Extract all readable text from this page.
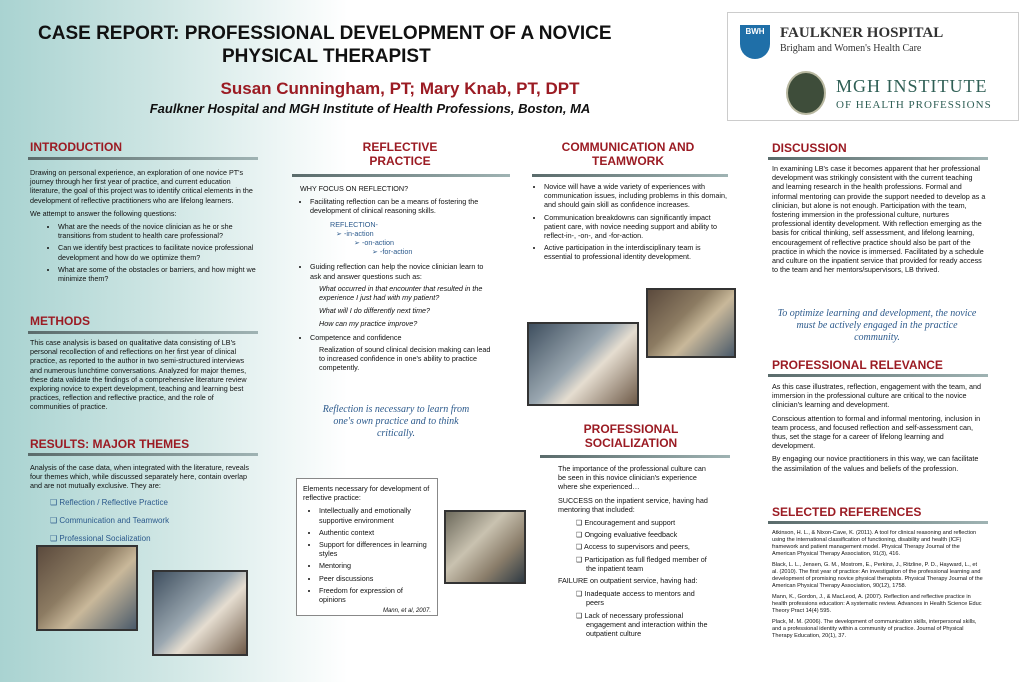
CASE REPORT: PROFESSIONAL DEVELOPMENT OF A NOVICE
PHYSICAL THERAPIST
Susan Cunningham, PT; Mary Knab, PT, DPT
Faulkner Hospital and MGH Institute of Health Professions, Boston, MA
BWH	FAULKNER HOSPITAL
Brigham and Women's Health Care
MGH INSTITUTE
OF HEALTH PROFESSIONS
INTRODUCTION

Drawing on personal experience, an exploration of one novice PT's journey through her first year of practice, and current education literature, the goal of this project was to identify critical elements in the development of reflective practitioners who are lifelong learners.

We attempt to answer the following questions:

• What are the needs of the novice clinician as he or she transitions from student to health care professional?
• Can we identify best practices to facilitate novice professional development and how do we optimize them?
• What are some of the obstacles or barriers, and how might we minimize them?
METHODS
This case analysis is based on qualitative data consisting of LB's personal recollection of and reflections on her first year of clinical practice, as reported to the author in two semi-structured interviews and numerous lunchtime conversations. Analyzed for major themes, these data validate the findings of a comprehensive literature review exploring novice to expert development, teaching and learning best practices, reflection and reflective practice, and the role of communities of practice.
RESULTS: MAJOR THEMES

Analysis of the case data, when integrated with the literature, reveals four themes which, while discussed separately here, contain overlap and are not mutually exclusive. They are:

❑ Reflection / Reflective Practice
❑ Communication and Teamwork
❑ Professional Socialization
REFLECTIVE
PRACTICE

WHY FOCUS ON REFLECTION?

• Facilitating reflection can be a means of fostering the development of clinical reasoning skills.
REFLECTION-
➢ -in-action
➢ -on-action
➢ -for-action
• Guiding reflection can help the novice clinician learn to ask and answer questions such as:

What occurred in that encounter that resulted in the experience I just had with my patient?

What will I do differently next time?

How can my practice improve?

• Competence and confidence

Realization of sound clinical decision making can lead to increased confidence in one's ability to practice competently.

Reflection is necessary to learn from one's own practice and to think critically.

Elements necessary for development of reflective practice:

• Intellectually and emotionally supportive environment
• Authentic context
• Support for differences in learning styles
• Mentoring
• Peer discussions
• Freedom for expression of opinions
Mann, et al, 2007.
COMMUNICATION AND
TEAMWORK
• Novice will have a wide variety of experiences with communication issues, including problems in this domain, and should gain skill as confidence increases.
• Communication breakdowns can significantly impact patient care, with novice needing support and ability to reflect-in-, -on-, and -for-action.
• Active participation in the interdisciplinary team is essential to professional identity development.
PROFESSIONAL
SOCIALIZATION

The importance of the professional culture can be seen in this novice clinician's experience where she experienced…

SUCCESS on the inpatient service, having had mentoring that included:

❑ Encouragement and support
❑ Ongoing evaluative feedback
❑ Access to supervisors and peers,
❑ Participation as full fledged member of the inpatient team

FAILURE on outpatient service, having had:

❑ Inadequate access to mentors and peers
❑ Lack of necessary professional engagement and interaction within the outpatient culture
DISCUSSION
In examining LB's case it becomes apparent that her professional development was strikingly consistent with the current teaching and learning research in the health professions. Formal and informal mentoring can provide the support needed to develop as a clinician, but alone is not enough. Participation with the team, fostering immersion in the professional culture, nurtures professional identity development. With reflection emerging as the basis for critical thinking, self assessment, and lifelong learning, encouragement of reflective practice should also be part of the practice in which the novice is immersed. Facilitated by a schedule and culture on the inpatient service that provided for ready access to the team and her mentors/supervisors, LB thrived.
To optimize learning and development, the novice must be actively engaged in the practice community.
PROFESSIONAL RELEVANCE

As this case illustrates, reflection, engagement with the team, and immersion in the professional culture are critical to the novice clinician's learning and development.

Conscious attention to formal and informal mentoring, inclusion in team process, and focused reflection and self-assessment can, thus, set the stage for a career of lifelong learning and development.

By engaging our novice practitioners in this way, we can facilitate the assimilation of the values and beliefs of the profession.

SELECTED REFERENCES

Atkinson, H. L., & Nixon-Cave, K. (2011). A tool for clinical reasoning and reflection using the international classification of functioning, disability and health (ICF) framework and patient management model. Physical Therapy Journal of the American Physical Therapy Association, 91(3), 416.

Black, L. L., Jensen, G. M., Mostrom, E., Perkins, J., Ritzline, P. D., Hayward, L., et al. (2010). The first year of practice: An investigation of the professional learning and development of promising novice physical therapists. Physical Therapy Journal of the American Physical Therapy Association, 90(12), 1758.

Mann, K., Gordon, J., & MacLeod, A. (2007). Reflection and reflective practice in health professions education: A systematic review. Advances in Health Science Educ Theory Pract 14(4) 595.

Plack, M. M. (2006). The development of communication skills, interpersonal skills, and a professional identity within a community of practice. Journal of Physical Therapy Education, 20(1), 37.
